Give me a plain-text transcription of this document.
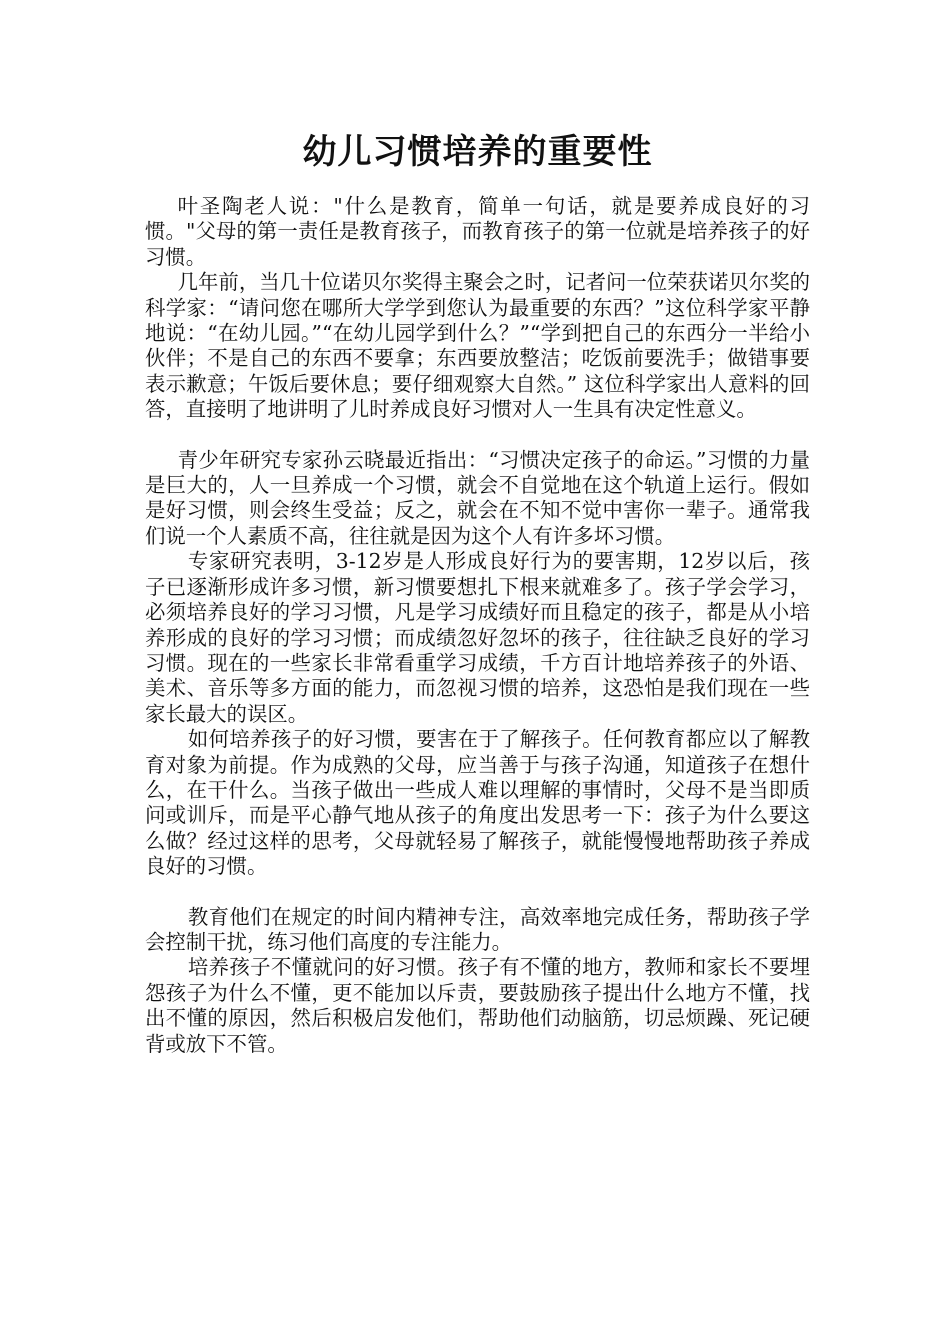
幼儿习惯培养的重要性

叶圣陶老人说："什么是教育，简单一句话，就是要养成良好的习惯。"父母的第一责任是教育孩子，而教育孩子的第一位就是培养孩子的好习惯。

几年前，当几十位诺贝尔奖得主聚会之时，记者问一位荣获诺贝尔奖的科学家：“请问您在哪所大学学到您认为最重要的东西？”这位科学家平静地说：“在幼儿园。”“在幼儿园学到什么？”“学到把自己的东西分一半给小伙伴；不是自己的东西不要拿；东西要放整洁；吃饭前要洗手；做错事要表示歉意；午饭后要休息；要仔细观察大自然。” 这位科学家出人意料的回答，直接明了地讲明了儿时养成良好习惯对人一生具有决定性意义。

青少年研究专家孙云晓最近指出：“习惯决定孩子的命运。”习惯的力量是巨大的，人一旦养成一个习惯，就会不自觉地在这个轨道上运行。假如是好习惯，则会终生受益；反之，就会在不知不觉中害你一辈子。通常我们说一个人素质不高，往往就是因为这个人有许多坏习惯。

专家研究表明，3-12岁是人形成良好行为的要害期，12岁以后，孩子已逐渐形成许多习惯，新习惯要想扎下根来就难多了。孩子学会学习，必须培养良好的学习习惯，凡是学习成绩好而且稳定的孩子，都是从小培养形成的良好的学习习惯；而成绩忽好忽坏的孩子，往往缺乏良好的学习习惯。现在的一些家长非常看重学习成绩，千方百计地培养孩子的外语、美术、音乐等多方面的能力，而忽视习惯的培养，这恐怕是我们现在一些家长最大的误区。

如何培养孩子的好习惯，要害在于了解孩子。任何教育都应以了解教育对象为前提。作为成熟的父母，应当善于与孩子沟通，知道孩子在想什么，在干什么。当孩子做出一些成人难以理解的事情时，父母不是当即质问或训斥，而是平心静气地从孩子的角度出发思考一下：孩子为什么要这么做？经过这样的思考，父母就轻易了解孩子，就能慢慢地帮助孩子养成良好的习惯。

教育他们在规定的时间内精神专注，高效率地完成任务，帮助孩子学会控制干扰，练习他们高度的专注能力。

培养孩子不懂就问的好习惯。孩子有不懂的地方，教师和家长不要埋怨孩子为什么不懂，更不能加以斥责，要鼓励孩子提出什么地方不懂，找出不懂的原因，然后积极启发他们，帮助他们动脑筋，切忌烦躁、死记硬背或放下不管。
